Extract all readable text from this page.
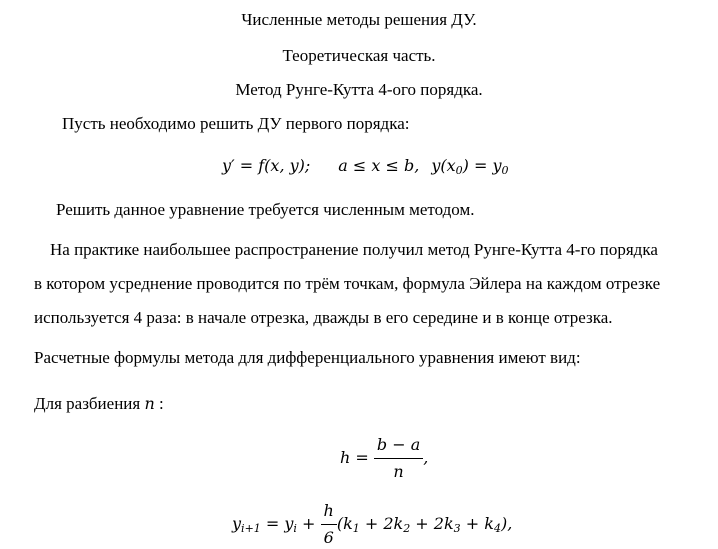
Численные методы решения ДУ.
Теоретическая часть.
Метод Рунге-Кутта 4-ого порядка.
Пусть необходимо решить ДУ первого порядка:
y′ = f(x, y); a ≤ x ≤ b, $y(x_0) = y_0$
Решить данное уравнение требуется численным методом.
На практике наибольшее распространение получил метод Рунге-Кутта 4-го порядка
в котором усреднение проводится по трём точкам, формула Эйлера на каждом отрезке
используется 4 раза: в начале отрезка, дважды в его середине и в конце отрезка.
Расчетные формулы метода для дифференциального уравнения имеют вид:
Для разбиения n :
$h = \frac{b - a}{n}$ ,
$y_{i+1} = y_i + \frac{h}{6} (k_1 + 2k_2 + 2k_3 + k_4)$,
